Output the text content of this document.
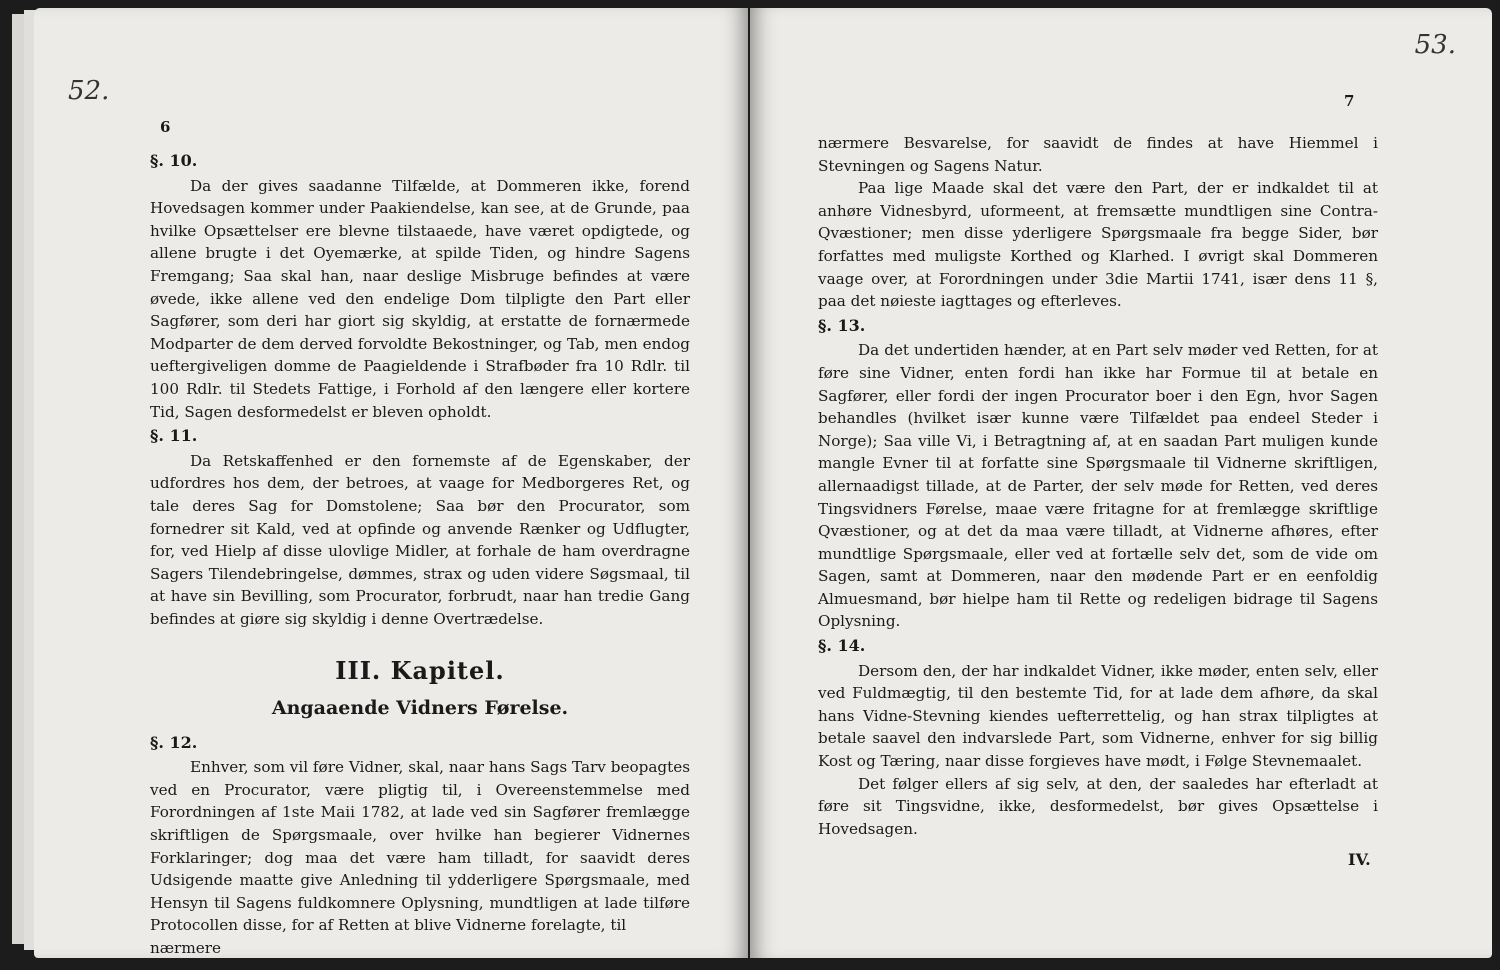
52.
6

§. 10.

Da der gives saadanne Tilfælde, at Dommeren ikke, forend Hovedsagen kommer under Paakiendelse, kan see, at de Grunde, paa hvilke Opsættelser ere blevne tilstaaede, have været opdigtede, og allene brugte i det Oyemærke, at spilde Tiden, og hindre Sagens Fremgang; Saa skal han, naar deslige Misbruge befindes at være øvede, ikke allene ved den endelige Dom tilpligte den Part eller Sagfører, som deri har giort sig skyldig, at erstatte de fornærmede Modparter de dem derved forvoldte Bekostninger, og Tab, men endog ueftergiveligen domme de Paagieldende i Strafbøder fra 10 Rdlr. til 100 Rdlr. til Stedets Fattige, i Forhold af den længere eller kortere Tid, Sagen desformedelst er bleven opholdt.

§. 11.

Da Retskaffenhed er den fornemste af de Egenskaber, der udfordres hos dem, der betroes, at vaage for Medborgeres Ret, og tale deres Sag for Domstolene; Saa bør den Procurator, som fornedrer sit Kald, ved at opfinde og anvende Rænker og Udflugter, for, ved Hielp af disse ulovlige Midler, at forhale de ham overdragne Sagers Tilendebringelse, dømmes, strax og uden videre Søgsmaal, til at have sin Bevilling, som Procurator, forbrudt, naar han tredie Gang befindes at giøre sig skyldig i denne Overtrædelse.

III. Kapitel.
Angaaende Vidners Førelse.

§. 12.

Enhver, som vil føre Vidner, skal, naar hans Sags Tarv beopagtes ved en Procurator, være pligtig til, i Overeenstemmelse med Forordningen af 1ste Maii 1782, at lade ved sin Sagfører fremlægge skriftligen de Spørgsmaale, over hvilke han begierer Vidnernes Forklaringer; dog maa det være ham tilladt, for saavidt deres Udsigende maatte give Anledning til ydderligere Spørgsmaale, med Hensyn til Sagens fuldkomnere Oplysning, mundtligen at lade tilføre Protocollen disse, for af Retten at blive Vidnerne forelagte, til

nærmere

53.
7

nærmere Besvarelse, for saavidt de findes at have Hiemmel i Stevningen og Sagens Natur.

Paa lige Maade skal det være den Part, der er indkaldet til at anhøre Vidnesbyrd, uformeent, at fremsætte mundtligen sine Contra-Qvæstioner; men disse yderligere Spørgsmaale fra begge Sider, bør forfattes med muligste Korthed og Klarhed. I øvrigt skal Dommeren vaage over, at Forordningen under 3die Martii 1741, især dens 11 §, paa det nøieste iagttages og efterleves.

§. 13.

Da det undertiden hænder, at en Part selv møder ved Retten, for at føre sine Vidner, enten fordi han ikke har Formue til at betale en Sagfører, eller fordi der ingen Procurator boer i den Egn, hvor Sagen behandles (hvilket især kunne være Tilfældet paa endeel Steder i Norge); Saa ville Vi, i Betragtning af, at en saadan Part muligen kunde mangle Evner til at forfatte sine Spørgsmaale til Vidnerne skriftligen, allernaadigst tillade, at de Parter, der selv møde for Retten, ved deres Tingsvidners Førelse, maae være fritagne for at fremlægge skriftlige Qvæstioner, og at det da maa være tilladt, at Vidnerne afhøres, efter mundtlige Spørgsmaale, eller ved at fortælle selv det, som de vide om Sagen, samt at Dommeren, naar den mødende Part er en eenfoldig Almuesmand, bør hielpe ham til Rette og redeligen bidrage til Sagens Oplysning.

§. 14.

Dersom den, der har indkaldet Vidner, ikke møder, enten selv, eller ved Fuldmægtig, til den bestemte Tid, for at lade dem afhøre, da skal hans Vidne-Stevning kiendes uefterrettelig, og han strax tilpligtes at betale saavel den indvarslede Part, som Vidnerne, enhver for sig billig Kost og Tæring, naar disse forgieves have mødt, i Følge Stevnemaalet.

Det følger ellers af sig selv, at den, der saaledes har efterladt at føre sit Tingsvidne, ikke, desformedelst, bør gives Opsættelse i Hovedsagen.

IV.
